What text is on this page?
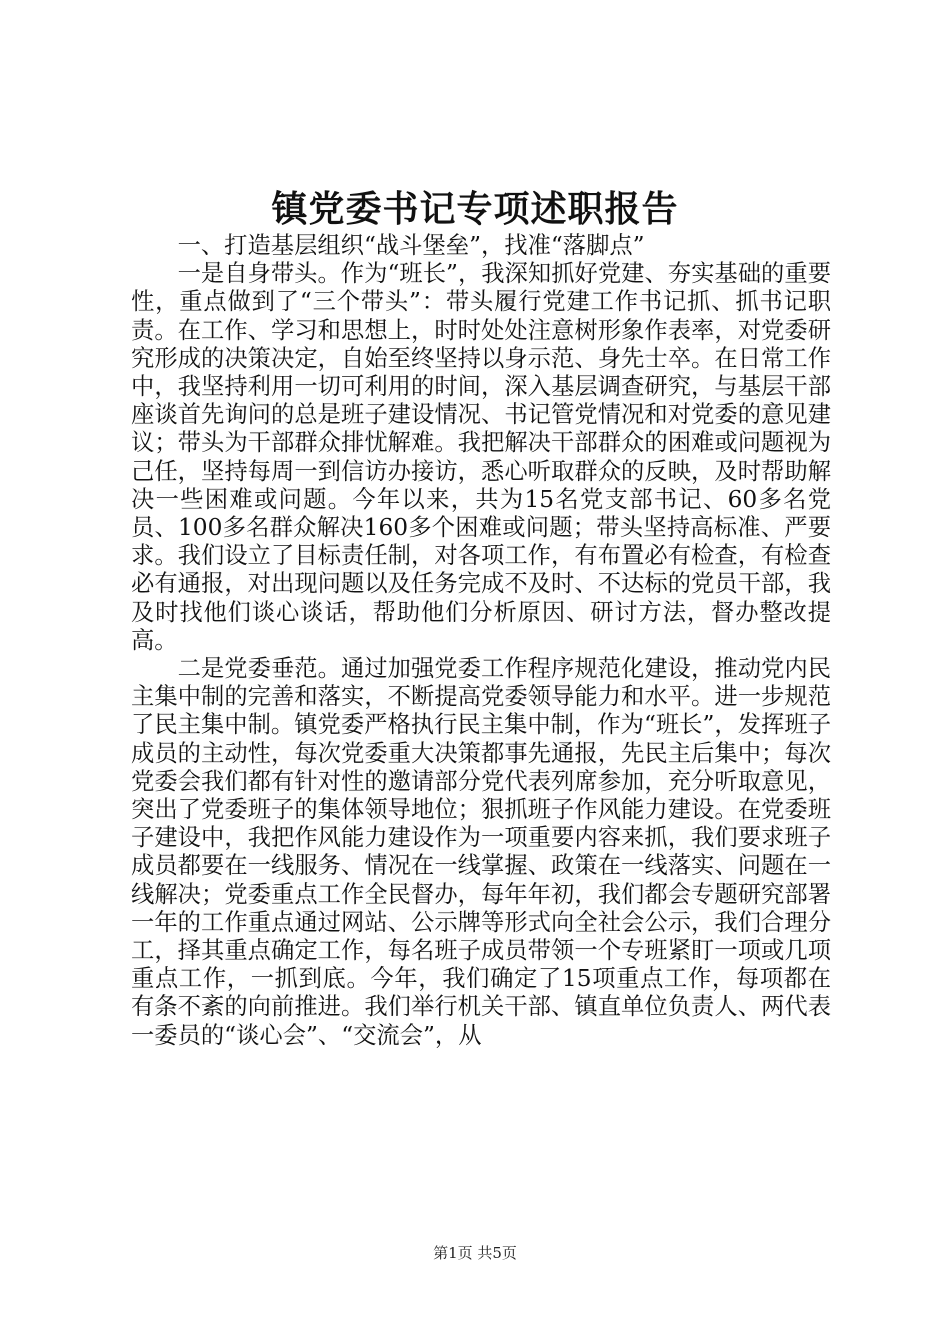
镇党委书记专项述职报告

一、打造基层组织“战斗堡垒”，找准“落脚点”

一是自身带头。作为“班长”，我深知抓好党建、夯实基础的重要性，重点做到了“三个带头”：带头履行党建工作书记抓、抓书记职责。在工作、学习和思想上，时时处处注意树形象作表率，对党委研究形成的决策决定，自始至终坚持以身示范、身先士卒。在日常工作中，我坚持利用一切可利用的时间，深入基层调查研究，与基层干部座谈首先询问的总是班子建设情况、书记管党情况和对党委的意见建议；带头为干部群众排忧解难。我把解决干部群众的困难或问题视为己任，坚持每周一到信访办接访，悉心听取群众的反映，及时帮助解决一些困难或问题。今年以来，共为15名党支部书记、60多名党员、100多名群众解决160多个困难或问题；带头坚持高标准、严要求。我们设立了目标责任制，对各项工作，有布置必有检查，有检查必有通报，对出现问题以及任务完成不及时、不达标的党员干部，我及时找他们谈心谈话，帮助他们分析原因、研讨方法，督办整改提高。

二是党委垂范。通过加强党委工作程序规范化建设，推动党内民主集中制的完善和落实，不断提高党委领导能力和水平。进一步规范了民主集中制。镇党委严格执行民主集中制，作为“班长”，发挥班子成员的主动性，每次党委重大决策都事先通报，先民主后集中；每次党委会我们都有针对性的邀请部分党代表列席参加，充分听取意见，突出了党委班子的集体领导地位；狠抓班子作风能力建设。在党委班子建设中，我把作风能力建设作为一项重要内容来抓，我们要求班子成员都要在一线服务、情况在一线掌握、政策在一线落实、问题在一线解决；党委重点工作全民督办，每年年初，我们都会专题研究部署一年的工作重点通过网站、公示牌等形式向全社会公示，我们合理分工，择其重点确定工作，每名班子成员带领一个专班紧盯一项或几项重点工作，一抓到底。今年，我们确定了15项重点工作，每项都在有条不紊的向前推进。我们举行机关干部、镇直单位负责人、两代表一委员的“谈心会”、“交流会”，从

第1页 共5页
